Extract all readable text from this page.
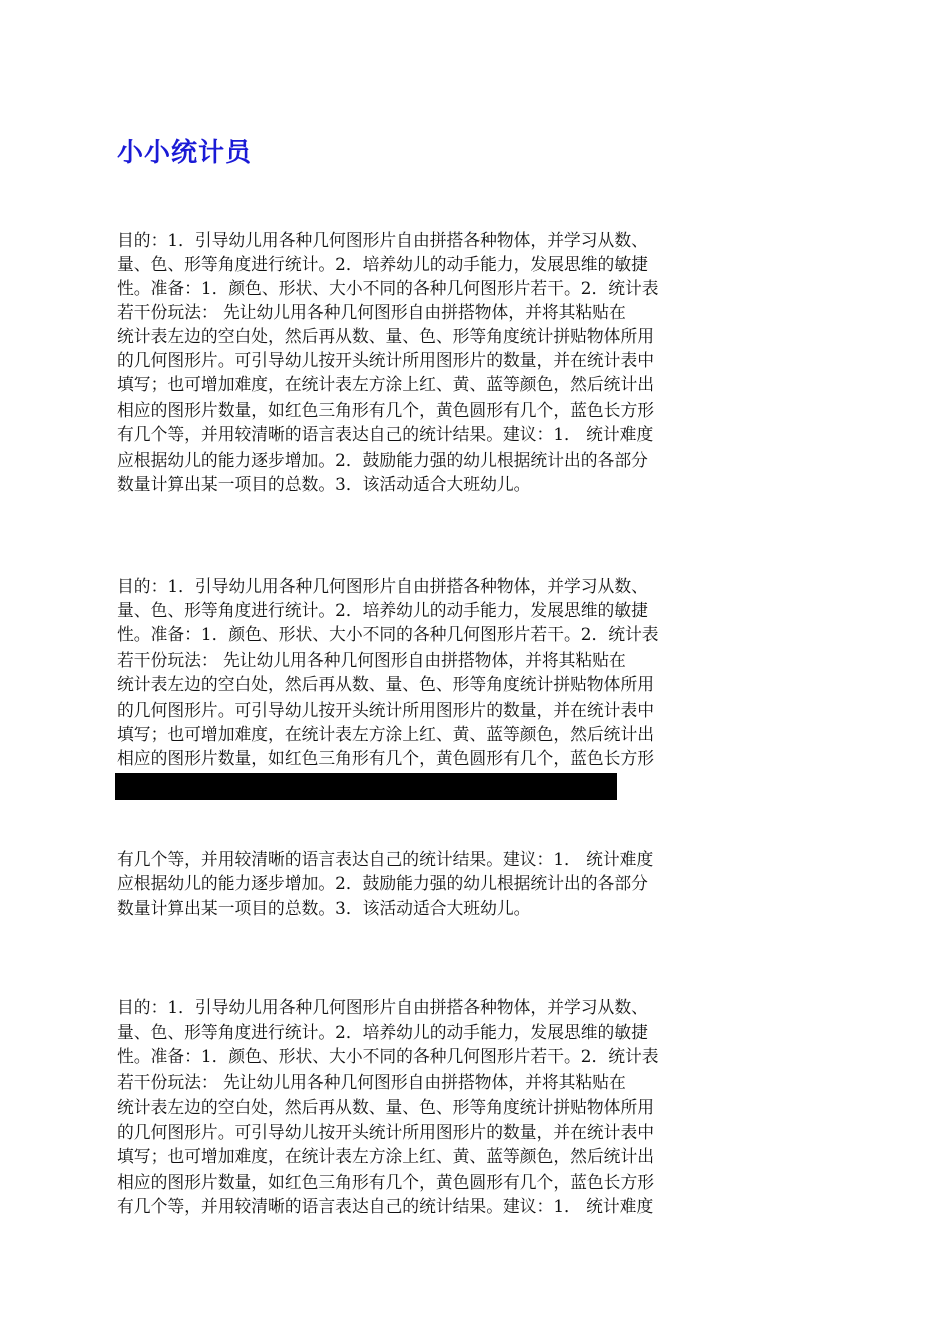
小小统计员
目的：1．引导幼儿用各种几何图形片自由拼搭各种物体，并学习从数、
量、色、形等角度进行统计。2．培养幼儿的动手能力，发展思维的敏捷
性。准备：1．颜色、形状、大小不同的各种几何图形片若干。2．统计表
若干份玩法： 先让幼儿用各种几何图形自由拼搭物体，并将其粘贴在
统计表左边的空白处，然后再从数、量、色、形等角度统计拼贴物体所用
的几何图形片。可引导幼儿按开头统计所用图形片的数量，并在统计表中
填写；也可增加难度，在统计表左方涂上红、黄、蓝等颜色，然后统计出
相应的图形片数量，如红色三角形有几个，黄色圆形有几个，蓝色长方形
有几个等，并用较清晰的语言表达自己的统计结果。建议：1． 统计难度
应根据幼儿的能力逐步增加。2．鼓励能力强的幼儿根据统计出的各部分
数量计算出某一项目的总数。3．该活动适合大班幼儿。
目的：1．引导幼儿用各种几何图形片自由拼搭各种物体，并学习从数、
量、色、形等角度进行统计。2．培养幼儿的动手能力，发展思维的敏捷
性。准备：1．颜色、形状、大小不同的各种几何图形片若干。2．统计表
若干份玩法： 先让幼儿用各种几何图形自由拼搭物体，并将其粘贴在
统计表左边的空白处，然后再从数、量、色、形等角度统计拼贴物体所用
的几何图形片。可引导幼儿按开头统计所用图形片的数量，并在统计表中
填写；也可增加难度，在统计表左方涂上红、黄、蓝等颜色，然后统计出
相应的图形片数量，如红色三角形有几个，黄色圆形有几个，蓝色长方形
有几个等，并用较清晰的语言表达自己的统计结果。建议：1． 统计难度
应根据幼儿的能力逐步增加。2．鼓励能力强的幼儿根据统计出的各部分
数量计算出某一项目的总数。3．该活动适合大班幼儿。
目的：1．引导幼儿用各种几何图形片自由拼搭各种物体，并学习从数、
量、色、形等角度进行统计。2．培养幼儿的动手能力，发展思维的敏捷
性。准备：1．颜色、形状、大小不同的各种几何图形片若干。2．统计表
若干份玩法： 先让幼儿用各种几何图形自由拼搭物体，并将其粘贴在
统计表左边的空白处，然后再从数、量、色、形等角度统计拼贴物体所用
的几何图形片。可引导幼儿按开头统计所用图形片的数量，并在统计表中
填写；也可增加难度，在统计表左方涂上红、黄、蓝等颜色，然后统计出
相应的图形片数量，如红色三角形有几个，黄色圆形有几个，蓝色长方形
有几个等，并用较清晰的语言表达自己的统计结果。建议：1． 统计难度
